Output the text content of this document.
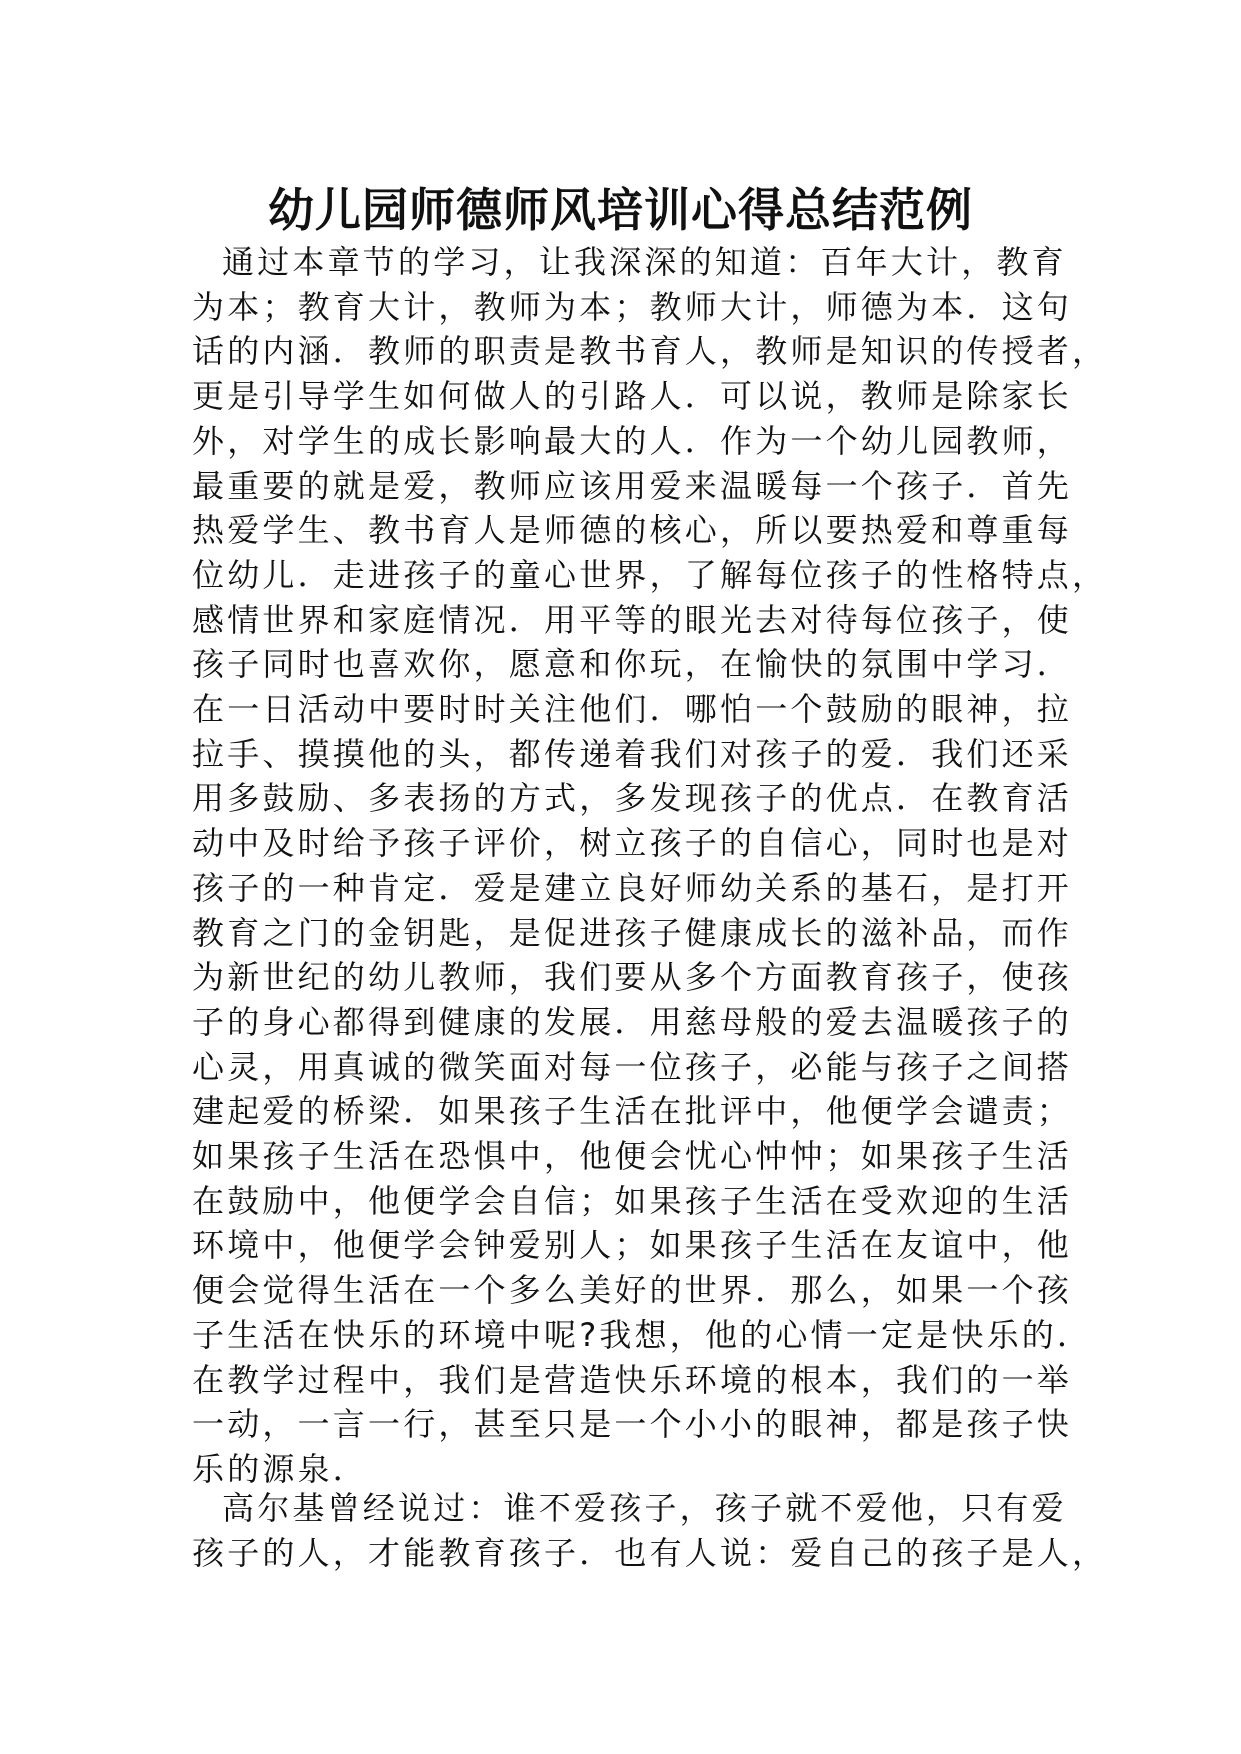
幼儿园师德师风培训心得总结范例
通过本章节的学习，让我深深的知道：百年大计，教育
为本；教育大计，教师为本；教师大计，师德为本．这句
话的内涵．教师的职责是教书育人，教师是知识的传授者，
更是引导学生如何做人的引路人．可以说，教师是除家长
外，对学生的成长影响最大的人．作为一个幼儿园教师，
最重要的就是爱，教师应该用爱来温暖每一个孩子．首先
热爱学生、教书育人是师德的核心，所以要热爱和尊重每
位幼儿．走进孩子的童心世界，了解每位孩子的性格特点，
感情世界和家庭情况．用平等的眼光去对待每位孩子，使
孩子同时也喜欢你，愿意和你玩，在愉快的氛围中学习．
在一日活动中要时时关注他们．哪怕一个鼓励的眼神，拉
拉手、摸摸他的头，都传递着我们对孩子的爱．我们还采
用多鼓励、多表扬的方式，多发现孩子的优点．在教育活
动中及时给予孩子评价，树立孩子的自信心，同时也是对
孩子的一种肯定．爱是建立良好师幼关系的基石，是打开
教育之门的金钥匙，是促进孩子健康成长的滋补品，而作
为新世纪的幼儿教师，我们要从多个方面教育孩子，使孩
子的身心都得到健康的发展．用慈母般的爱去温暖孩子的
心灵，用真诚的微笑面对每一位孩子，必能与孩子之间搭
建起爱的桥梁．如果孩子生活在批评中，他便学会谴责；
如果孩子生活在恐惧中，他便会忧心忡忡；如果孩子生活
在鼓励中，他便学会自信；如果孩子生活在受欢迎的生活
环境中，他便学会钟爱别人；如果孩子生活在友谊中，他
便会觉得生活在一个多么美好的世界．那么，如果一个孩
子生活在快乐的环境中呢?我想，他的心情一定是快乐的．
在教学过程中，我们是营造快乐环境的根本，我们的一举
一动，一言一行，甚至只是一个小小的眼神，都是孩子快
乐的源泉．
高尔基曾经说过：谁不爱孩子，孩子就不爱他，只有爱
孩子的人，才能教育孩子．也有人说：爱自己的孩子是人，
